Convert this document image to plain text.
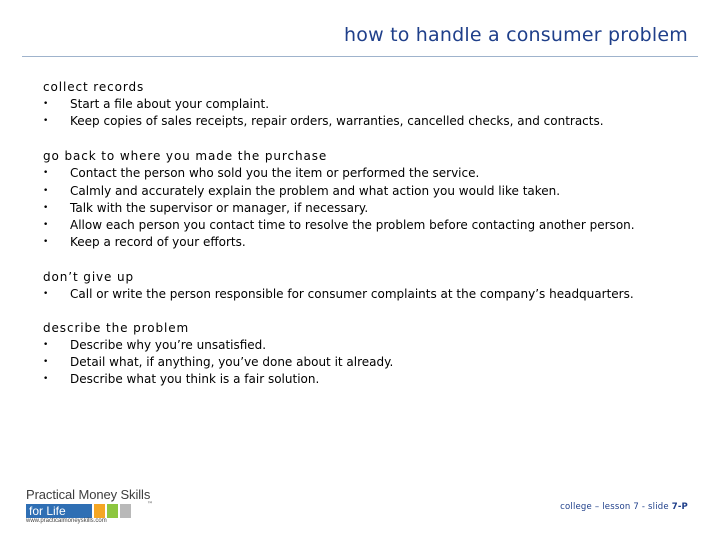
how to handle a consumer problem
collect records
• Start a file about your complaint.
• Keep copies of sales receipts, repair orders, warranties, cancelled checks, and contracts.
go back to where you made the purchase
• Contact the person who sold you the item or performed the service.
• Calmly and accurately explain the problem and what action you would like taken.
• Talk with the supervisor or manager, if necessary.
• Allow each person you contact time to resolve the problem before contacting another person.
• Keep a record of your efforts.
don’t give up
• Call or write the person responsible for consumer complaints at the company’s headquarters.
describe the problem
• Describe why you’re unsatisfied.
• Detail what, if anything, you’ve done about it already.
• Describe what you think is a fair solution.
Practical Money Skills
for Life	™
www.practicalmoneyskills.com
college – lesson 7 - slide 7-P
